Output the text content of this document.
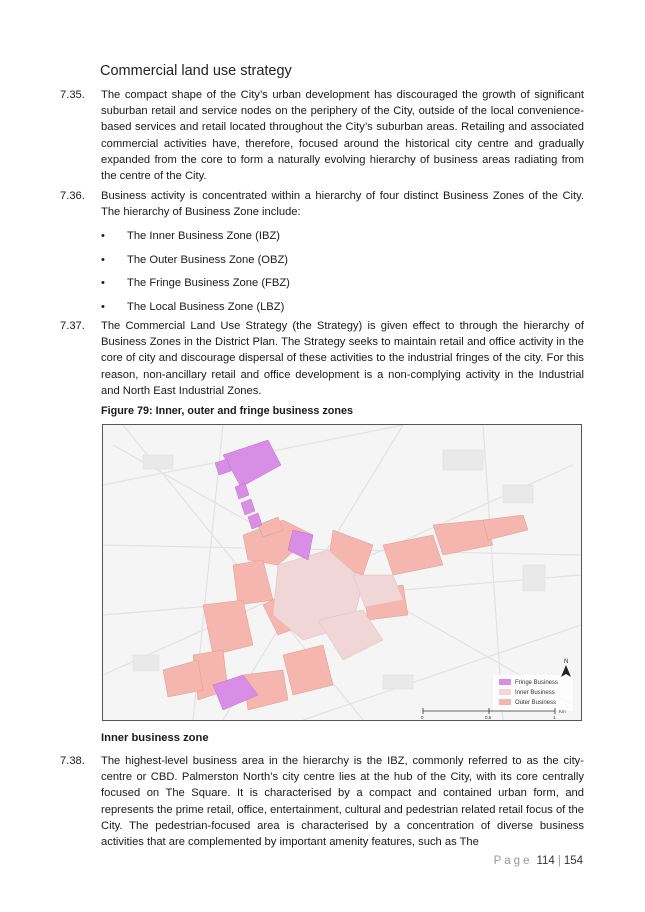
Commercial land use strategy
7.35.	The compact shape of the City’s urban development has discouraged the growth of significant suburban retail and service nodes on the periphery of the City, outside of the local convenience-based services and retail located throughout the City’s suburban areas. Retailing and associated commercial activities have, therefore, focused around the historical city centre and gradually expanded from the core to form a naturally evolving hierarchy of business areas radiating from the centre of the City.
7.36.	Business activity is concentrated within a hierarchy of four distinct Business Zones of the City. The hierarchy of Business Zone include:
• The Inner Business Zone (IBZ)
• The Outer Business Zone (OBZ)
• The Fringe Business Zone (FBZ)
• The Local Business Zone (LBZ)
7.37.	The Commercial Land Use Strategy (the Strategy) is given effect to through the hierarchy of Business Zones in the District Plan. The Strategy seeks to maintain retail and office activity in the core of city and discourage dispersal of these activities to the industrial fringes of the city. For this reason, non-ancillary retail and office development is a non-complying activity in the Industrial and North East Industrial Zones.
Figure 79: Inner, outer and fringe business zones
Fringe Business
Inner Business
Outer Business
N
0	0.5	1
Km
Inner business zone
7.38.	The highest-level business area in the hierarchy is the IBZ, commonly referred to as the city-centre or CBD. Palmerston North’s city centre lies at the hub of the City, with its core centrally focused on The Square. It is characterised by a compact and contained urban form, and represents the prime retail, office, entertainment, cultural and pedestrian related retail focus of the City. The pedestrian-focused area is characterised by a concentration of diverse business activities that are complemented by important amenity features, such as The
Page 114 | 154
